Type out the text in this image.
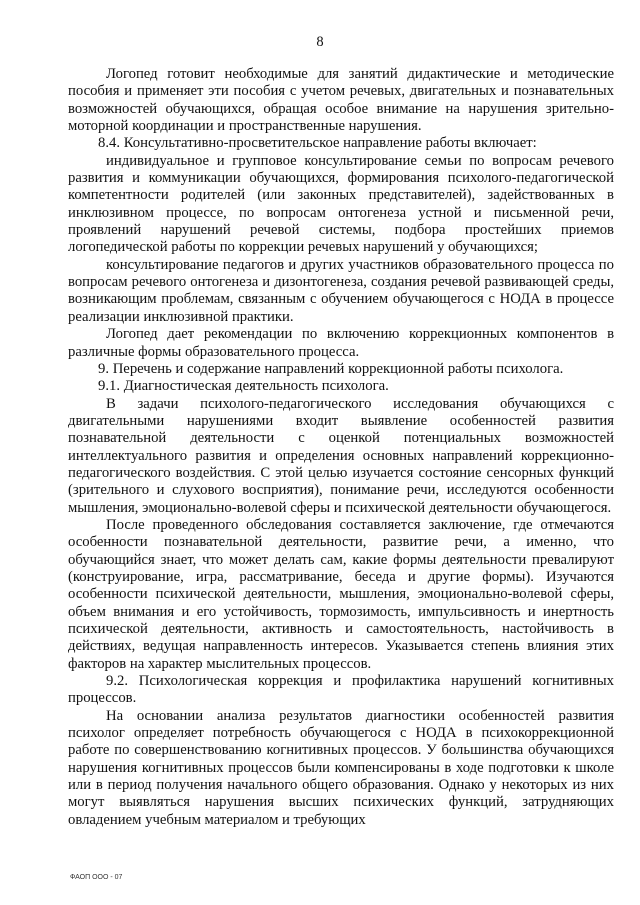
8

Логопед готовит необходимые для занятий дидактические и методические пособия и применяет эти пособия с учетом речевых, двигательных и познавательных возможностей обучающихся, обращая особое внимание на нарушения зрительно-моторной координации и пространственные нарушения.

8.4. Консультативно-просветительское направление работы включает:

индивидуальное и групповое консультирование семьи по вопросам речевого развития и коммуникации обучающихся, формирования психолого-педагогической компетентности родителей (или законных представителей), задействованных в инклюзивном процессе, по вопросам онтогенеза устной и письменной речи, проявлений нарушений речевой системы, подбора простейших приемов логопедической работы по коррекции речевых нарушений у обучающихся;

консультирование педагогов и других участников образовательного процесса по вопросам речевого онтогенеза и дизонтогенеза, создания речевой развивающей среды, возникающим проблемам, связанным с обучением обучающегося с НОДА в процессе реализации инклюзивной практики.

Логопед дает рекомендации по включению коррекционных компонентов в различные формы образовательного процесса.

9. Перечень и содержание направлений коррекционной работы психолога.

9.1. Диагностическая деятельность психолога.

В задачи психолого-педагогического исследования обучающихся с двигательными нарушениями входит выявление особенностей развития познавательной деятельности с оценкой потенциальных возможностей интеллектуального развития и определения основных направлений коррекционно-педагогического воздействия. С этой целью изучается состояние сенсорных функций (зрительного и слухового восприятия), понимание речи, исследуются особенности мышления, эмоционально-волевой сферы и психической деятельности обучающегося.

После проведенного обследования составляется заключение, где отмечаются особенности познавательной деятельности, развитие речи, а именно, что обучающийся знает, что может делать сам, какие формы деятельности превалируют (конструирование, игра, рассматривание, беседа и другие формы). Изучаются особенности психической деятельности, мышления, эмоционально-волевой сферы, объем внимания и его устойчивость, тормозимость, импульсивность и инертность психической деятельности, активность и самостоятельность, настойчивость в действиях, ведущая направленность интересов. Указывается степень влияния этих факторов на характер мыслительных процессов.

9.2. Психологическая коррекция и профилактика нарушений когнитивных процессов.

На основании анализа результатов диагностики особенностей развития психолог определяет потребность обучающегося с НОДА в психокоррекционной работе по совершенствованию когнитивных процессов. У большинства обучающихся нарушения когнитивных процессов были компенсированы в ходе подготовки к школе или в период получения начального общего образования. Однако у некоторых из них могут выявляться нарушения высших психических функций, затрудняющих овладением учебным материалом и требующих

ФАОП ООО - 07
